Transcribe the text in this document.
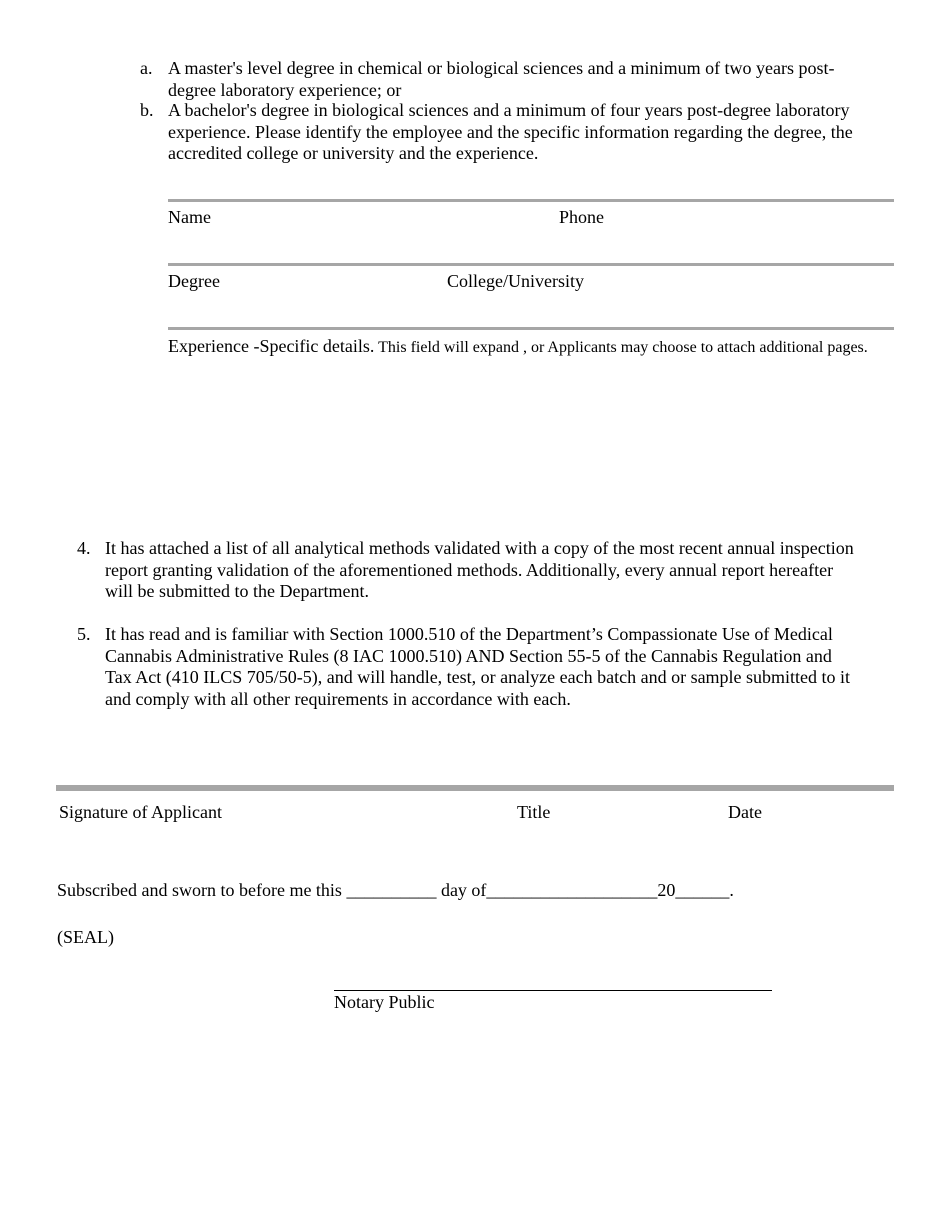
a. A master's level degree in chemical or biological sciences and a minimum of two years post-
degree laboratory experience; or
b. A bachelor's degree in biological sciences and a minimum of four years post-degree laboratory
experience. Please identify the employee and the specific information regarding the degree, the
accredited college or university and the experience.
Name	Phone
Degree	College/University
Experience -Specific details. This field will expand , or Applicants may choose to attach additional pages.
4. It has attached a list of all analytical methods validated with a copy of the most recent annual inspection
report granting validation of the aforementioned methods. Additionally, every annual report hereafter
will be submitted to the Department.
5. It has read and is familiar with Section 1000.510 of the Department’s Compassionate Use of Medical
Cannabis Administrative Rules (8 IAC 1000.510) AND Section 55-5 of the Cannabis Regulation and
Tax Act (410 ILCS 705/50-5), and will handle, test, or analyze each batch and or sample submitted to it
and comply with all other requirements in accordance with each.
Signature of Applicant	Title	Date
Subscribed and sworn to before me this __________ day of___________________20______.
(SEAL)
Notary Public
